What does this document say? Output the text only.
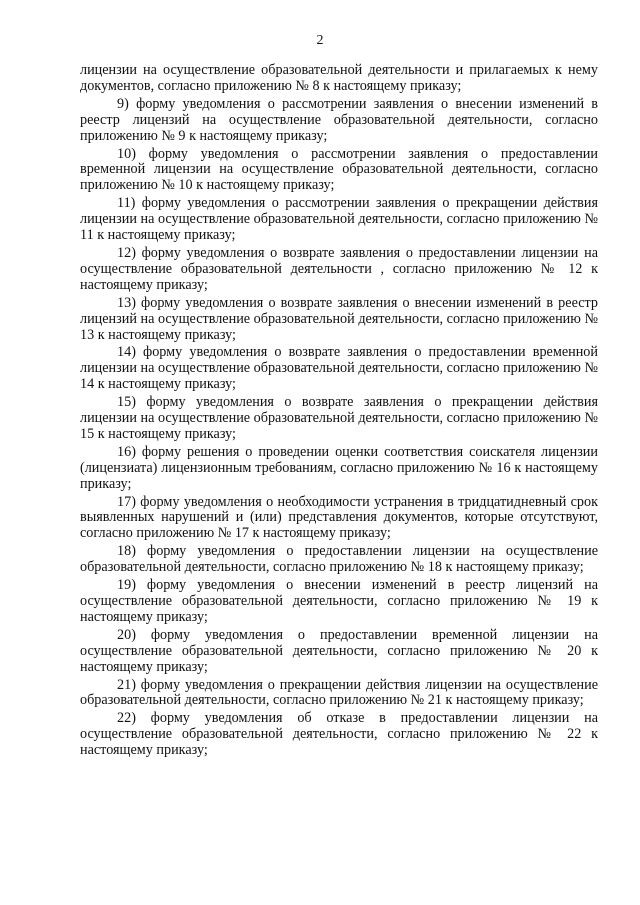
2

лицензии на осуществление образовательной деятельности и прилагаемых к нему документов, согласно приложению № 8 к настоящему приказу;

9) форму уведомления о рассмотрении заявления о внесении изменений в реестр лицензий на осуществление образовательной деятельности, согласно приложению № 9 к настоящему приказу;

10) форму уведомления о рассмотрении заявления о предоставлении временной лицензии на осуществление образовательной деятельности, согласно приложению № 10 к настоящему приказу;

11) форму уведомления о рассмотрении заявления о прекращении действия лицензии на осуществление образовательной деятельности, согласно приложению № 11 к настоящему приказу;

12) форму уведомления о возврате заявления о предоставлении лицензии на осуществление образовательной деятельности , согласно приложению № 12 к настоящему приказу;

13) форму уведомления о возврате заявления о внесении изменений в реестр лицензий на осуществление образовательной деятельности, согласно приложению № 13 к настоящему приказу;

14) форму уведомления о возврате заявления о предоставлении временной лицензии на осуществление образовательной деятельности, согласно приложению № 14 к настоящему приказу;

15) форму уведомления о возврате заявления о прекращении действия лицензии на осуществление образовательной деятельности, согласно приложению № 15 к настоящему приказу;

16) форму решения о проведении оценки соответствия соискателя лицензии (лицензиата) лицензионным требованиям, согласно приложению № 16 к настоящему приказу;

17) форму уведомления о необходимости устранения в тридцатидневный срок выявленных нарушений и (или) представления документов, которые отсутствуют, согласно приложению № 17 к настоящему приказу;

18) форму уведомления о предоставлении лицензии на осуществление образовательной деятельности, согласно приложению № 18 к настоящему приказу;

19) форму уведомления о внесении изменений в реестр лицензий на осуществление образовательной деятельности, согласно приложению № 19 к настоящему приказу;

20) форму уведомления о предоставлении временной лицензии на осуществление образовательной деятельности, согласно приложению № 20 к настоящему приказу;

21) форму уведомления о прекращении действия лицензии на осуществление образовательной деятельности, согласно приложению № 21 к настоящему приказу;

22) форму уведомления об отказе в предоставлении лицензии на осуществление образовательной деятельности, согласно приложению № 22 к настоящему приказу;
